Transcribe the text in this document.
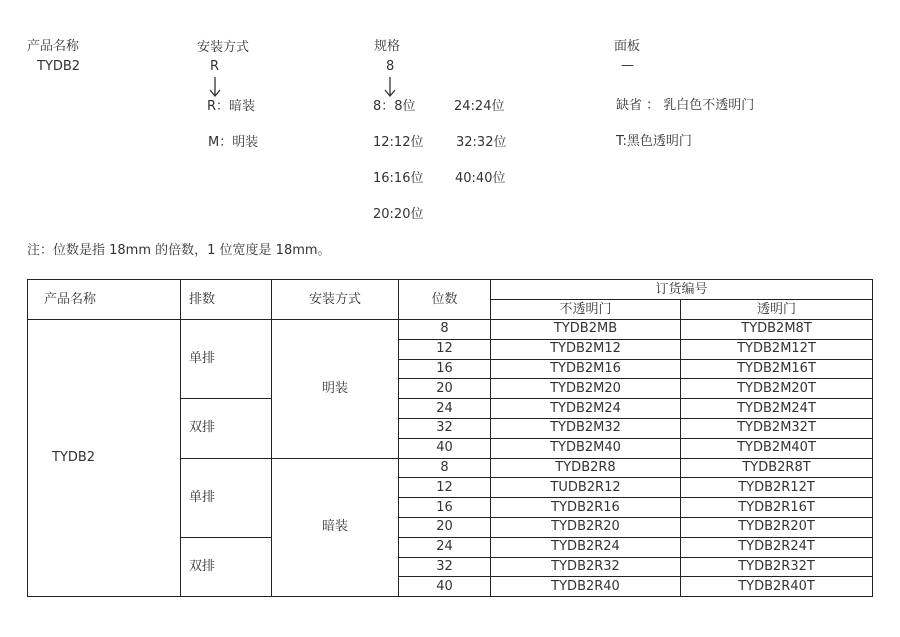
产品名称
TYDB2
安装方式
R
R：暗装
M：明装
规格
8
8：8位	24:24位
12:12位	32:32位
16:16位 40:40位
20:20位
面板
—
缺省 ： 乳白色不透明门
T:黑色透明门
注：位数是指 18mm 的倍数，1 位宽度是 18mm。
产品名称	排数	安装方式	位数	订货编号	
				不透明门	透明门
TYDB2	单排	明装	8	TYDB2MB	TYDB2M8T
			12	TYDB2M12	TYDB2M12T
			16	TYDB2M16	TYDB2M16T
			20	TYDB2M20	TYDB2M20T
	双排		24	TYDB2M24	TYDB2M24T
			32	TYDB2M32	TYDB2M32T
			40	TYDB2M40	TYDB2M40T
	单排	暗装	8	TYDB2R8	TYDB2R8T
			12	TUDB2R12	TYDB2R12T
			16	TYDB2R16	TYDB2R16T
			20	TYDB2R20	TYDB2R20T
	双排		24	TYDB2R24	TYDB2R24T
			32	TYDB2R32	TYDB2R32T
			40	TYDB2R40	TYDB2R40T
